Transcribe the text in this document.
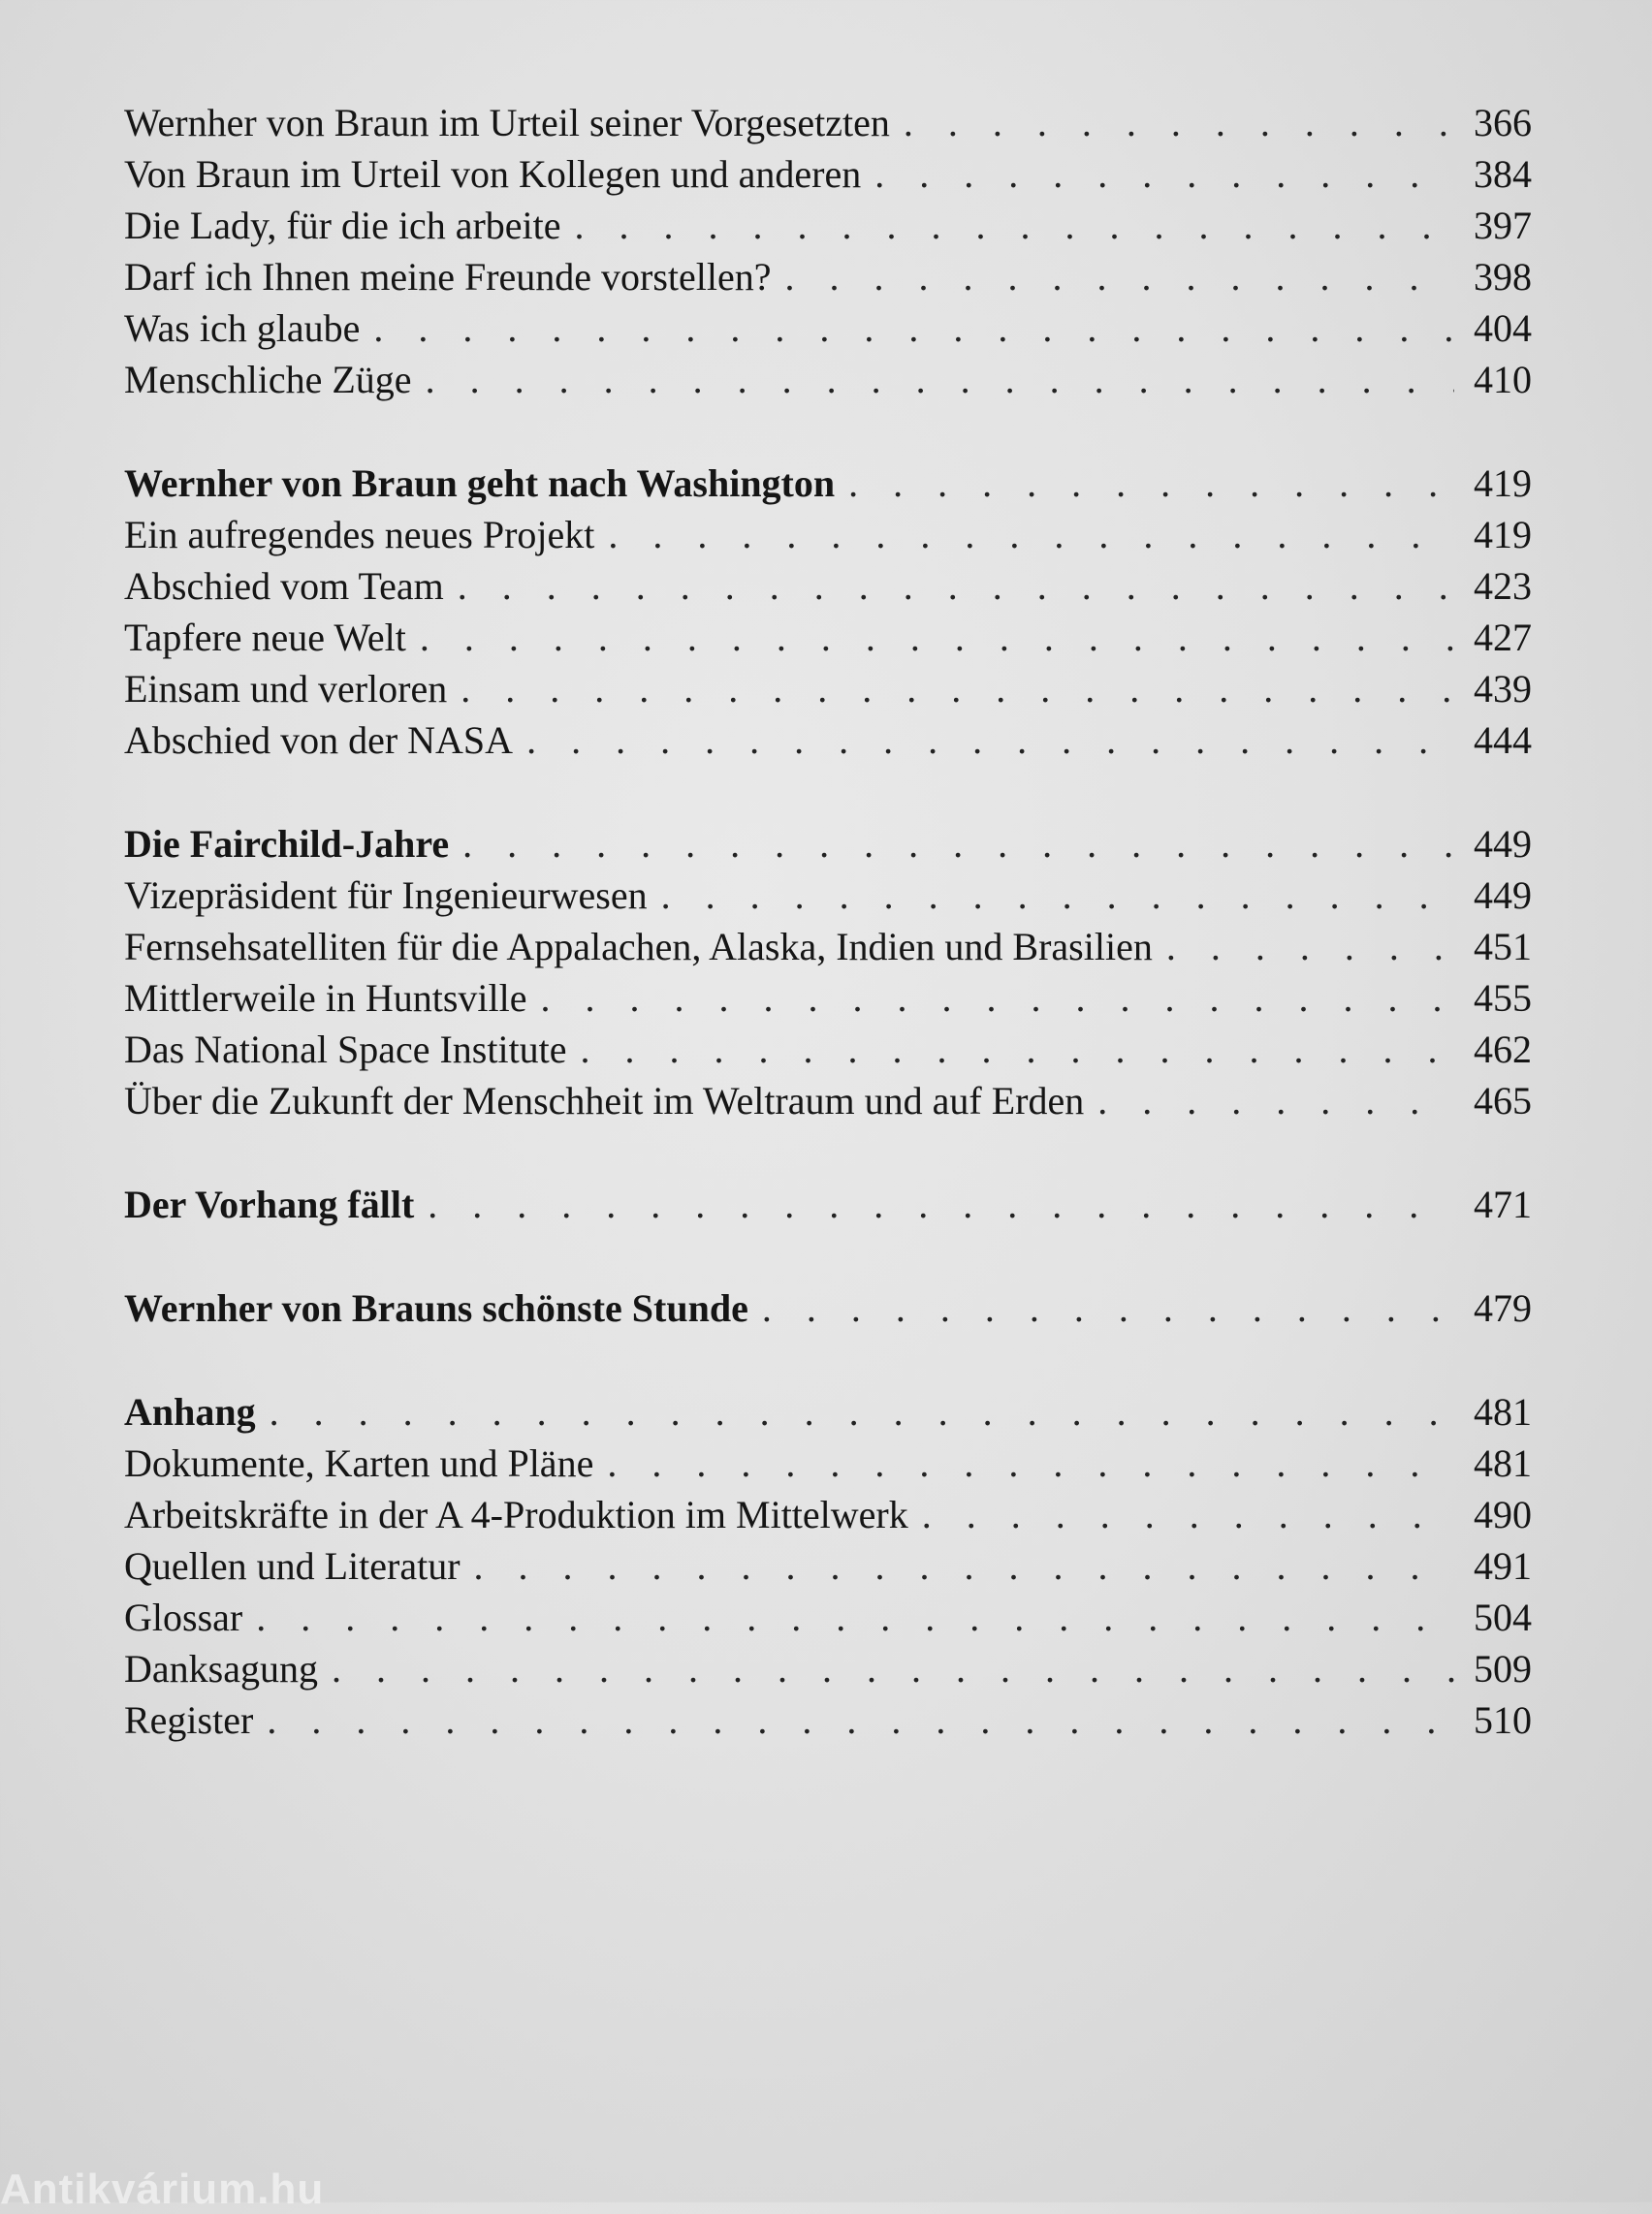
Wernher von Braun im Urteil seiner Vorgesetzten . . .	366
Von Braun im Urteil von Kollegen und anderen . . .	384
Die Lady, für die ich arbeite . . .	397
Darf ich Ihnen meine Freunde vorstellen? . . .	398
Was ich glaube . . .	404
Menschliche Züge . . .	410
Wernher von Braun geht nach Washington . . .	419
Ein aufregendes neues Projekt . . .	419
Abschied vom Team . . .	423
Tapfere neue Welt . . .	427
Einsam und verloren . . .	439
Abschied von der NASA . . .	444
Die Fairchild-Jahre . . .	449
Vizepräsident für Ingenieurwesen . . .	449
Fernsehsatelliten für die Appalachen, Alaska, Indien und Brasilien . . .	451
Mittlerweile in Huntsville . . .	455
Das National Space Institute . . .	462
Über die Zukunft der Menschheit im Weltraum und auf Erden . . .	465
Der Vorhang fällt . . .	471
Wernher von Brauns schönste Stunde . . .	479
Anhang . . .	481
Dokumente, Karten und Pläne . . .	481
Arbeitskräfte in der A 4-Produktion im Mittelwerk . . .	490
Quellen und Literatur . . .	491
Glossar . . .	504
Danksagung . . .	509
Register . . .	510
Antikvárium.hu
